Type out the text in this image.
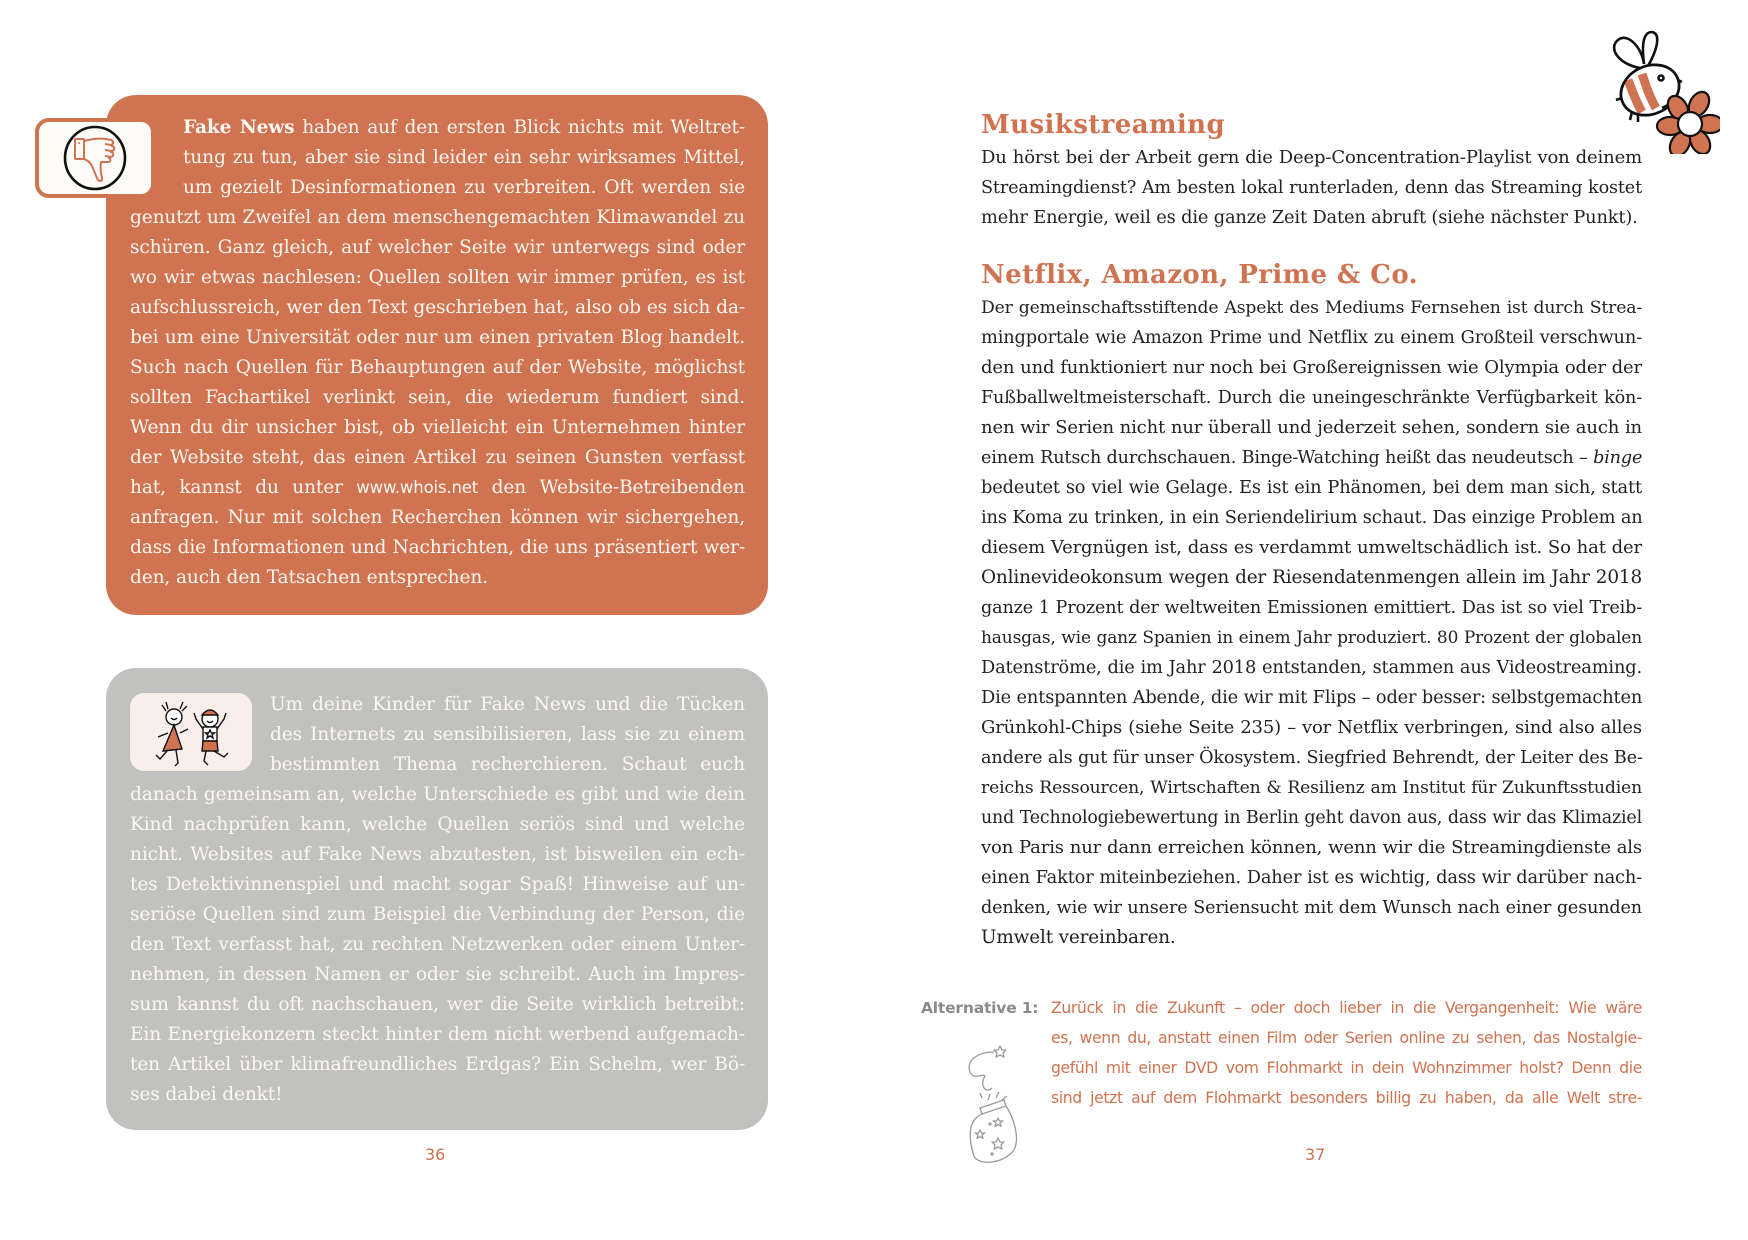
Fake News haben auf den ersten Blick nichts mit Weltret-
tung zu tun, aber sie sind leider ein sehr wirksames Mittel,
um gezielt Desinformationen zu verbreiten. Oft werden sie
genutzt um Zweifel an dem menschengemachten Klimawandel zu
schüren. Ganz gleich, auf welcher Seite wir unterwegs sind oder
wo wir etwas nachlesen: Quellen sollten wir immer prüfen, es ist
aufschlussreich, wer den Text geschrieben hat, also ob es sich da-
bei um eine Universität oder nur um einen privaten Blog handelt.
Such nach Quellen für Behauptungen auf der Website, möglichst
sollten Fachartikel verlinkt sein, die wiederum fundiert sind.
Wenn du dir unsicher bist, ob vielleicht ein Unternehmen hinter
der Website steht, das einen Artikel zu seinen Gunsten verfasst
hat, kannst du unter www.whois.net den Website-Betreibenden
anfragen. Nur mit solchen Recherchen können wir sichergehen,
dass die Informationen und Nachrichten, die uns präsentiert wer-
den, auch den Tatsachen entsprechen.
Um deine Kinder für Fake News und die Tücken
des Internets zu sensibilisieren, lass sie zu einem
bestimmten Thema recherchieren. Schaut euch
danach gemeinsam an, welche Unterschiede es gibt und wie dein
Kind nachprüfen kann, welche Quellen seriös sind und welche
nicht. Websites auf Fake News abzutesten, ist bisweilen ein ech-
tes Detektivinnenspiel und macht sogar Spaß! Hinweise auf un-
seriöse Quellen sind zum Beispiel die Verbindung der Person, die
den Text verfasst hat, zu rechten Netzwerken oder einem Unter-
nehmen, in dessen Namen er oder sie schreibt. Auch im Impres-
sum kannst du oft nachschauen, wer die Seite wirklich betreibt:
Ein Energiekonzern steckt hinter dem nicht werbend aufgemach-
ten Artikel über klimafreundliches Erdgas? Ein Schelm, wer Bö-
ses dabei denkt!
36
Musikstreaming
Du hörst bei der Arbeit gern die Deep-Concentration-Playlist von deinem
Streamingdienst? Am besten lokal runterladen, denn das Streaming kostet
mehr Energie, weil es die ganze Zeit Daten abruft (siehe nächster Punkt).
Netflix, Amazon, Prime & Co.
Der gemeinschaftsstiftende Aspekt des Mediums Fernsehen ist durch Strea-
mingportale wie Amazon Prime und Netflix zu einem Großteil verschwun-
den und funktioniert nur noch bei Großereignissen wie Olympia oder der
Fußballweltmeisterschaft. Durch die uneingeschränkte Verfügbarkeit kön-
nen wir Serien nicht nur überall und jederzeit sehen, sondern sie auch in
einem Rutsch durchschauen. Binge-Watching heißt das neudeutsch – binge
bedeutet so viel wie Gelage. Es ist ein Phänomen, bei dem man sich, statt
ins Koma zu trinken, in ein Seriendelirium schaut. Das einzige Problem an
diesem Vergnügen ist, dass es verdammt umweltschädlich ist. So hat der
Onlinevideokonsum wegen der Riesendatenmengen allein im Jahr 2018
ganze 1 Prozent der weltweiten Emissionen emittiert. Das ist so viel Treib-
hausgas, wie ganz Spanien in einem Jahr produziert. 80 Prozent der globalen
Datenströme, die im Jahr 2018 entstanden, stammen aus Videostreaming.
Die entspannten Abende, die wir mit Flips – oder besser: selbstgemachten
Grünkohl-Chips (siehe Seite 235) – vor Netflix verbringen, sind also alles
andere als gut für unser Ökosystem. Siegfried Behrendt, der Leiter des Be-
reichs Ressourcen, Wirtschaften & Resilienz am Institut für Zukunftsstudien
und Technologiebewertung in Berlin geht davon aus, dass wir das Klimaziel
von Paris nur dann erreichen können, wenn wir die Streamingdienste als
einen Faktor miteinbeziehen. Daher ist es wichtig, dass wir darüber nach-
denken, wie wir unsere Seriensucht mit dem Wunsch nach einer gesunden
Umwelt vereinbaren.
Alternative 1: Zurück in die Zukunft – oder doch lieber in die Vergangenheit: Wie wäre
es, wenn du, anstatt einen Film oder Serien online zu sehen, das Nostalgie-
gefühl mit einer DVD vom Flohmarkt in dein Wohnzimmer holst? Denn die
sind jetzt auf dem Flohmarkt besonders billig zu haben, da alle Welt stre-
37
